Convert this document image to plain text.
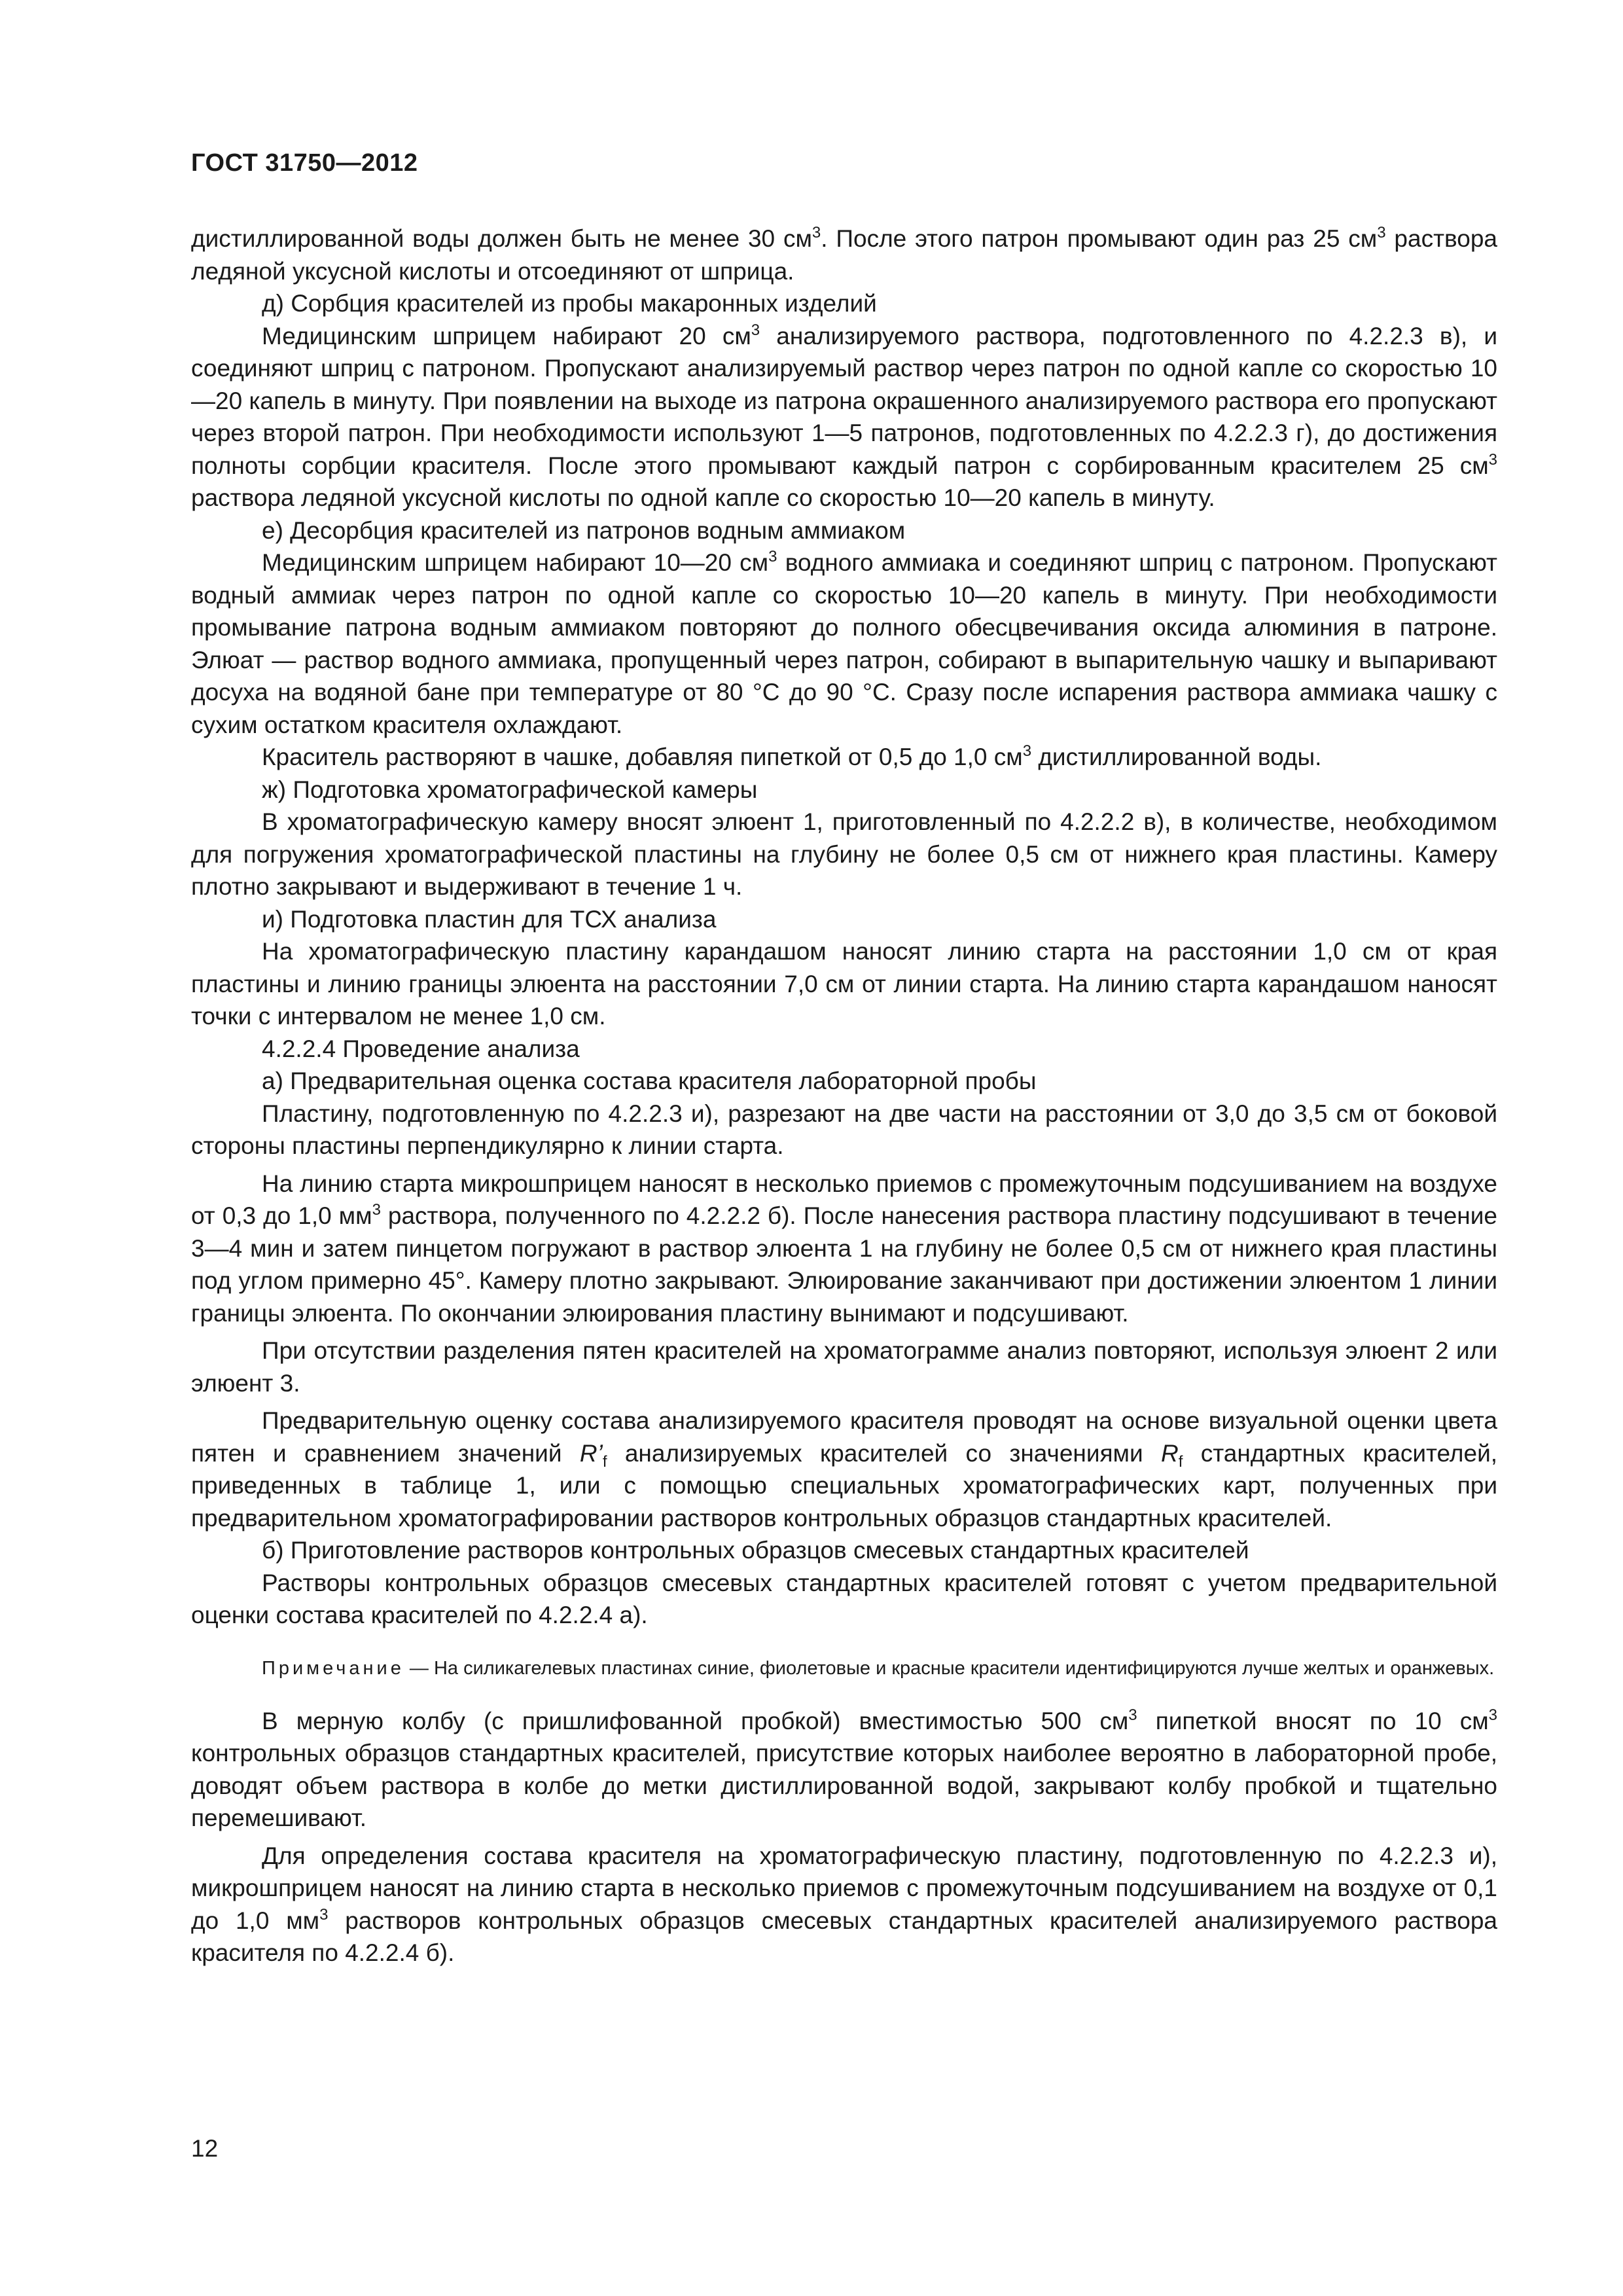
ГОСТ 31750—2012

дистиллированной воды должен быть не менее 30 $см^3$. После этого патрон промывают один раз 25 $см^3$ раствора ледяной уксусной кислоты и отсоединяют от шприца.

д) Сорбция красителей из пробы макаронных изделий

Медицинским шприцем набирают 20 $см^3$ анализируемого раствора, подготовленного по 4.2.2.3 в), и соединяют шприц с патроном. Пропускают анализируемый раствор через патрон по одной капле со скоростью 10—20 капель в минуту. При появлении на выходе из патрона окрашенного анализируемого раствора его пропускают через второй патрон. При необходимости используют 1—5 патронов, подготовленных по 4.2.2.3 г), до достижения полноты сорбции красителя. После этого промывают каждый патрон с сорбированным красителем 25 $см^3$ раствора ледяной уксусной кислоты по одной капле со скоростью 10—20 капель в минуту.

е) Десорбция красителей из патронов водным аммиаком

Медицинским шприцем набирают 10—20 $см^3$ водного аммиака и соединяют шприц с патроном. Пропускают водный аммиак через патрон по одной капле со скоростью 10—20 капель в минуту. При необходимости промывание патрона водным аммиаком повторяют до полного обесцвечивания оксида алюминия в патроне. Элюат — раствор водного аммиака, пропущенный через патрон, собирают в выпарительную чашку и выпаривают досуха на водяной бане при температуре от 80 °С до 90 °С. Сразу после испарения раствора аммиака чашку с сухим остатком красителя охлаждают.

Краситель растворяют в чашке, добавляя пипеткой от 0,5 до 1,0 $см^3$ дистиллированной воды.

ж) Подготовка хроматографической камеры

В хроматографическую камеру вносят элюент 1, приготовленный по 4.2.2.2 в), в количестве, необходимом для погружения хроматографической пластины на глубину не более 0,5 см от нижнего края пластины. Камеру плотно закрывают и выдерживают в течение 1 ч.

и) Подготовка пластин для ТСХ анализа

На хроматографическую пластину карандашом наносят линию старта на расстоянии 1,0 см от края пластины и линию границы элюента на расстоянии 7,0 см от линии старта. На линию старта карандашом наносят точки с интервалом не менее 1,0 см.

4.2.2.4 Проведение анализа

а) Предварительная оценка состава красителя лабораторной пробы

Пластину, подготовленную по 4.2.2.3 и), разрезают на две части на расстоянии от 3,0 до 3,5 см от боковой стороны пластины перпендикулярно к линии старта.

На линию старта микрошприцем наносят в несколько приемов с промежуточным подсушиванием на воздухе от 0,3 до 1,0 $мм^3$ раствора, полученного по 4.2.2.2 б). После нанесения раствора пластину подсушивают в течение 3—4 мин и затем пинцетом погружают в раствор элюента 1 на глубину не более 0,5 см от нижнего края пластины под углом примерно 45°. Камеру плотно закрывают. Элюирование заканчивают при достижении элюентом 1 линии границы элюента. По окончании элюирования пластину вынимают и подсушивают.

При отсутствии разделения пятен красителей на хроматограмме анализ повторяют, используя элюент 2 или элюент 3.

Предварительную оценку состава анализируемого красителя проводят на основе визуальной оценки цвета пятен и сравнением значений $R’_f$ анализируемых красителей со значениями $R_f$ стандартных красителей, приведенных в таблице 1, или с помощью специальных хроматографических карт, полученных при предварительном хроматографировании растворов контрольных образцов стандартных красителей.

б) Приготовление растворов контрольных образцов смесевых стандартных красителей

Растворы контрольных образцов смесевых стандартных красителей готовят с учетом предварительной оценки состава красителей по 4.2.2.4 а).

Примечание — На силикагелевых пластинах синие, фиолетовые и красные красители идентифицируются лучше желтых и оранжевых.

В мерную колбу (с пришлифованной пробкой) вместимостью 500 $см^3$ пипеткой вносят по 10 $см^3$ контрольных образцов стандартных красителей, присутствие которых наиболее вероятно в лабораторной пробе, доводят объем раствора в колбе до метки дистиллированной водой, закрывают колбу пробкой и тщательно перемешивают.

Для определения состава красителя на хроматографическую пластину, подготовленную по 4.2.2.3 и), микрошприцем наносят на линию старта в несколько приемов с промежуточным подсушиванием на воздухе от 0,1 до 1,0 $мм^3$ растворов контрольных образцов смесевых стандартных красителей анализируемого раствора красителя по 4.2.2.4 б).

12
